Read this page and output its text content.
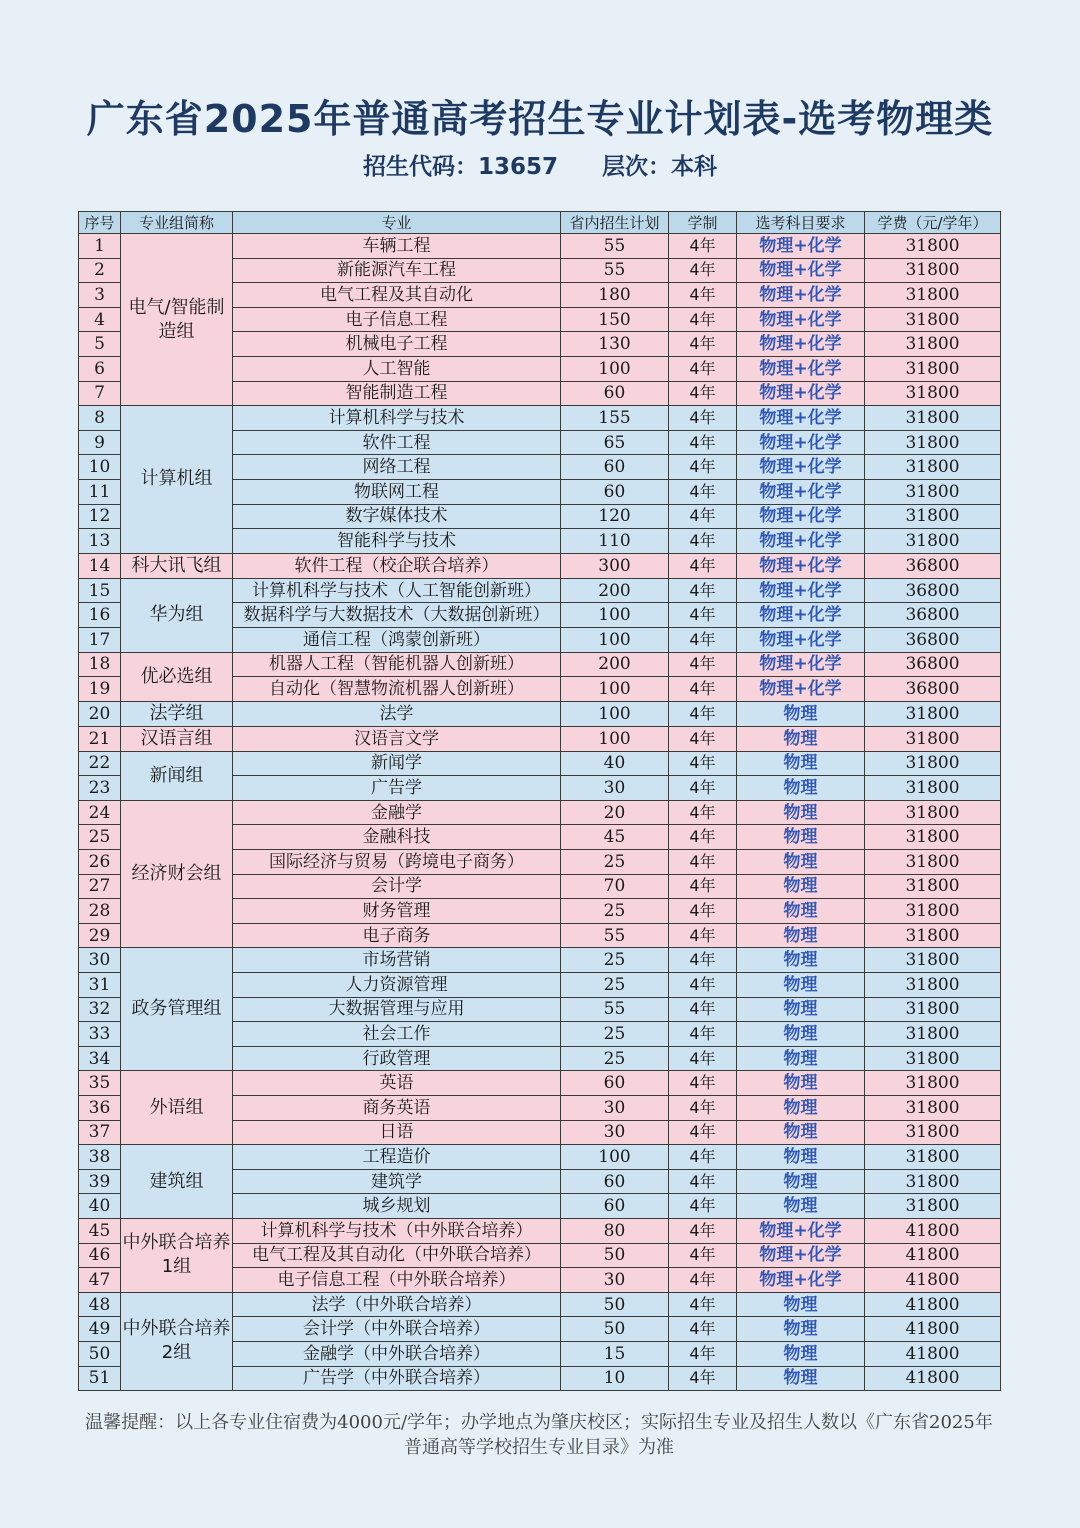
广东省2025年普通高考招生专业计划表-选考物理类
招生代码：13657 层次：本科
序号	专业组简称	专业	省内招生计划	学制	选考科目要求	学费（元/学年）
1	电气/智能制造组	车辆工程	55	4年	物理+化学	31800
2		新能源汽车工程	55	4年	物理+化学	31800
3		电气工程及其自动化	180	4年	物理+化学	31800
4		电子信息工程	150	4年	物理+化学	31800
5		机械电子工程	130	4年	物理+化学	31800
6		人工智能	100	4年	物理+化学	31800
7		智能制造工程	60	4年	物理+化学	31800
8	计算机组	计算机科学与技术	155	4年	物理+化学	31800
9		软件工程	65	4年	物理+化学	31800
10		网络工程	60	4年	物理+化学	31800
11		物联网工程	60	4年	物理+化学	31800
12		数字媒体技术	120	4年	物理+化学	31800
13		智能科学与技术	110	4年	物理+化学	31800
14	科大讯飞组	软件工程（校企联合培养）	300	4年	物理+化学	36800
15	华为组	计算机科学与技术（人工智能创新班）	200	4年	物理+化学	36800
16		数据科学与大数据技术（大数据创新班）	100	4年	物理+化学	36800
17		通信工程（鸿蒙创新班）	100	4年	物理+化学	36800
18	优必选组	机器人工程（智能机器人创新班）	200	4年	物理+化学	36800
19		自动化（智慧物流机器人创新班）	100	4年	物理+化学	36800
20	法学组	法学	100	4年	物理	31800
21	汉语言组	汉语言文学	100	4年	物理	31800
22	新闻组	新闻学	40	4年	物理	31800
23		广告学	30	4年	物理	31800
24	经济财会组	金融学	20	4年	物理	31800
25		金融科技	45	4年	物理	31800
26		国际经济与贸易（跨境电子商务）	25	4年	物理	31800
27		会计学	70	4年	物理	31800
28		财务管理	25	4年	物理	31800
29		电子商务	55	4年	物理	31800
30	政务管理组	市场营销	25	4年	物理	31800
31		人力资源管理	25	4年	物理	31800
32		大数据管理与应用	55	4年	物理	31800
33		社会工作	25	4年	物理	31800
34		行政管理	25	4年	物理	31800
35	外语组	英语	60	4年	物理	31800
36		商务英语	30	4年	物理	31800
37		日语	30	4年	物理	31800
38	建筑组	工程造价	100	4年	物理	31800
39		建筑学	60	4年	物理	31800
40		城乡规划	60	4年	物理	31800
45	中外联合培养1组	计算机科学与技术（中外联合培养）	80	4年	物理+化学	41800
46		电气工程及其自动化（中外联合培养）	50	4年	物理+化学	41800
47		电子信息工程（中外联合培养）	30	4年	物理+化学	41800
48	中外联合培养2组	法学（中外联合培养）	50	4年	物理	41800
49		会计学（中外联合培养）	50	4年	物理	41800
50		金融学（中外联合培养）	15	4年	物理	41800
51		广告学（中外联合培养）	10	4年	物理	41800
温馨提醒：以上各专业住宿费为4000元/学年；办学地点为肇庆校区；实际招生专业及招生人数以《广东省2025年普通高等学校招生专业目录》为准
